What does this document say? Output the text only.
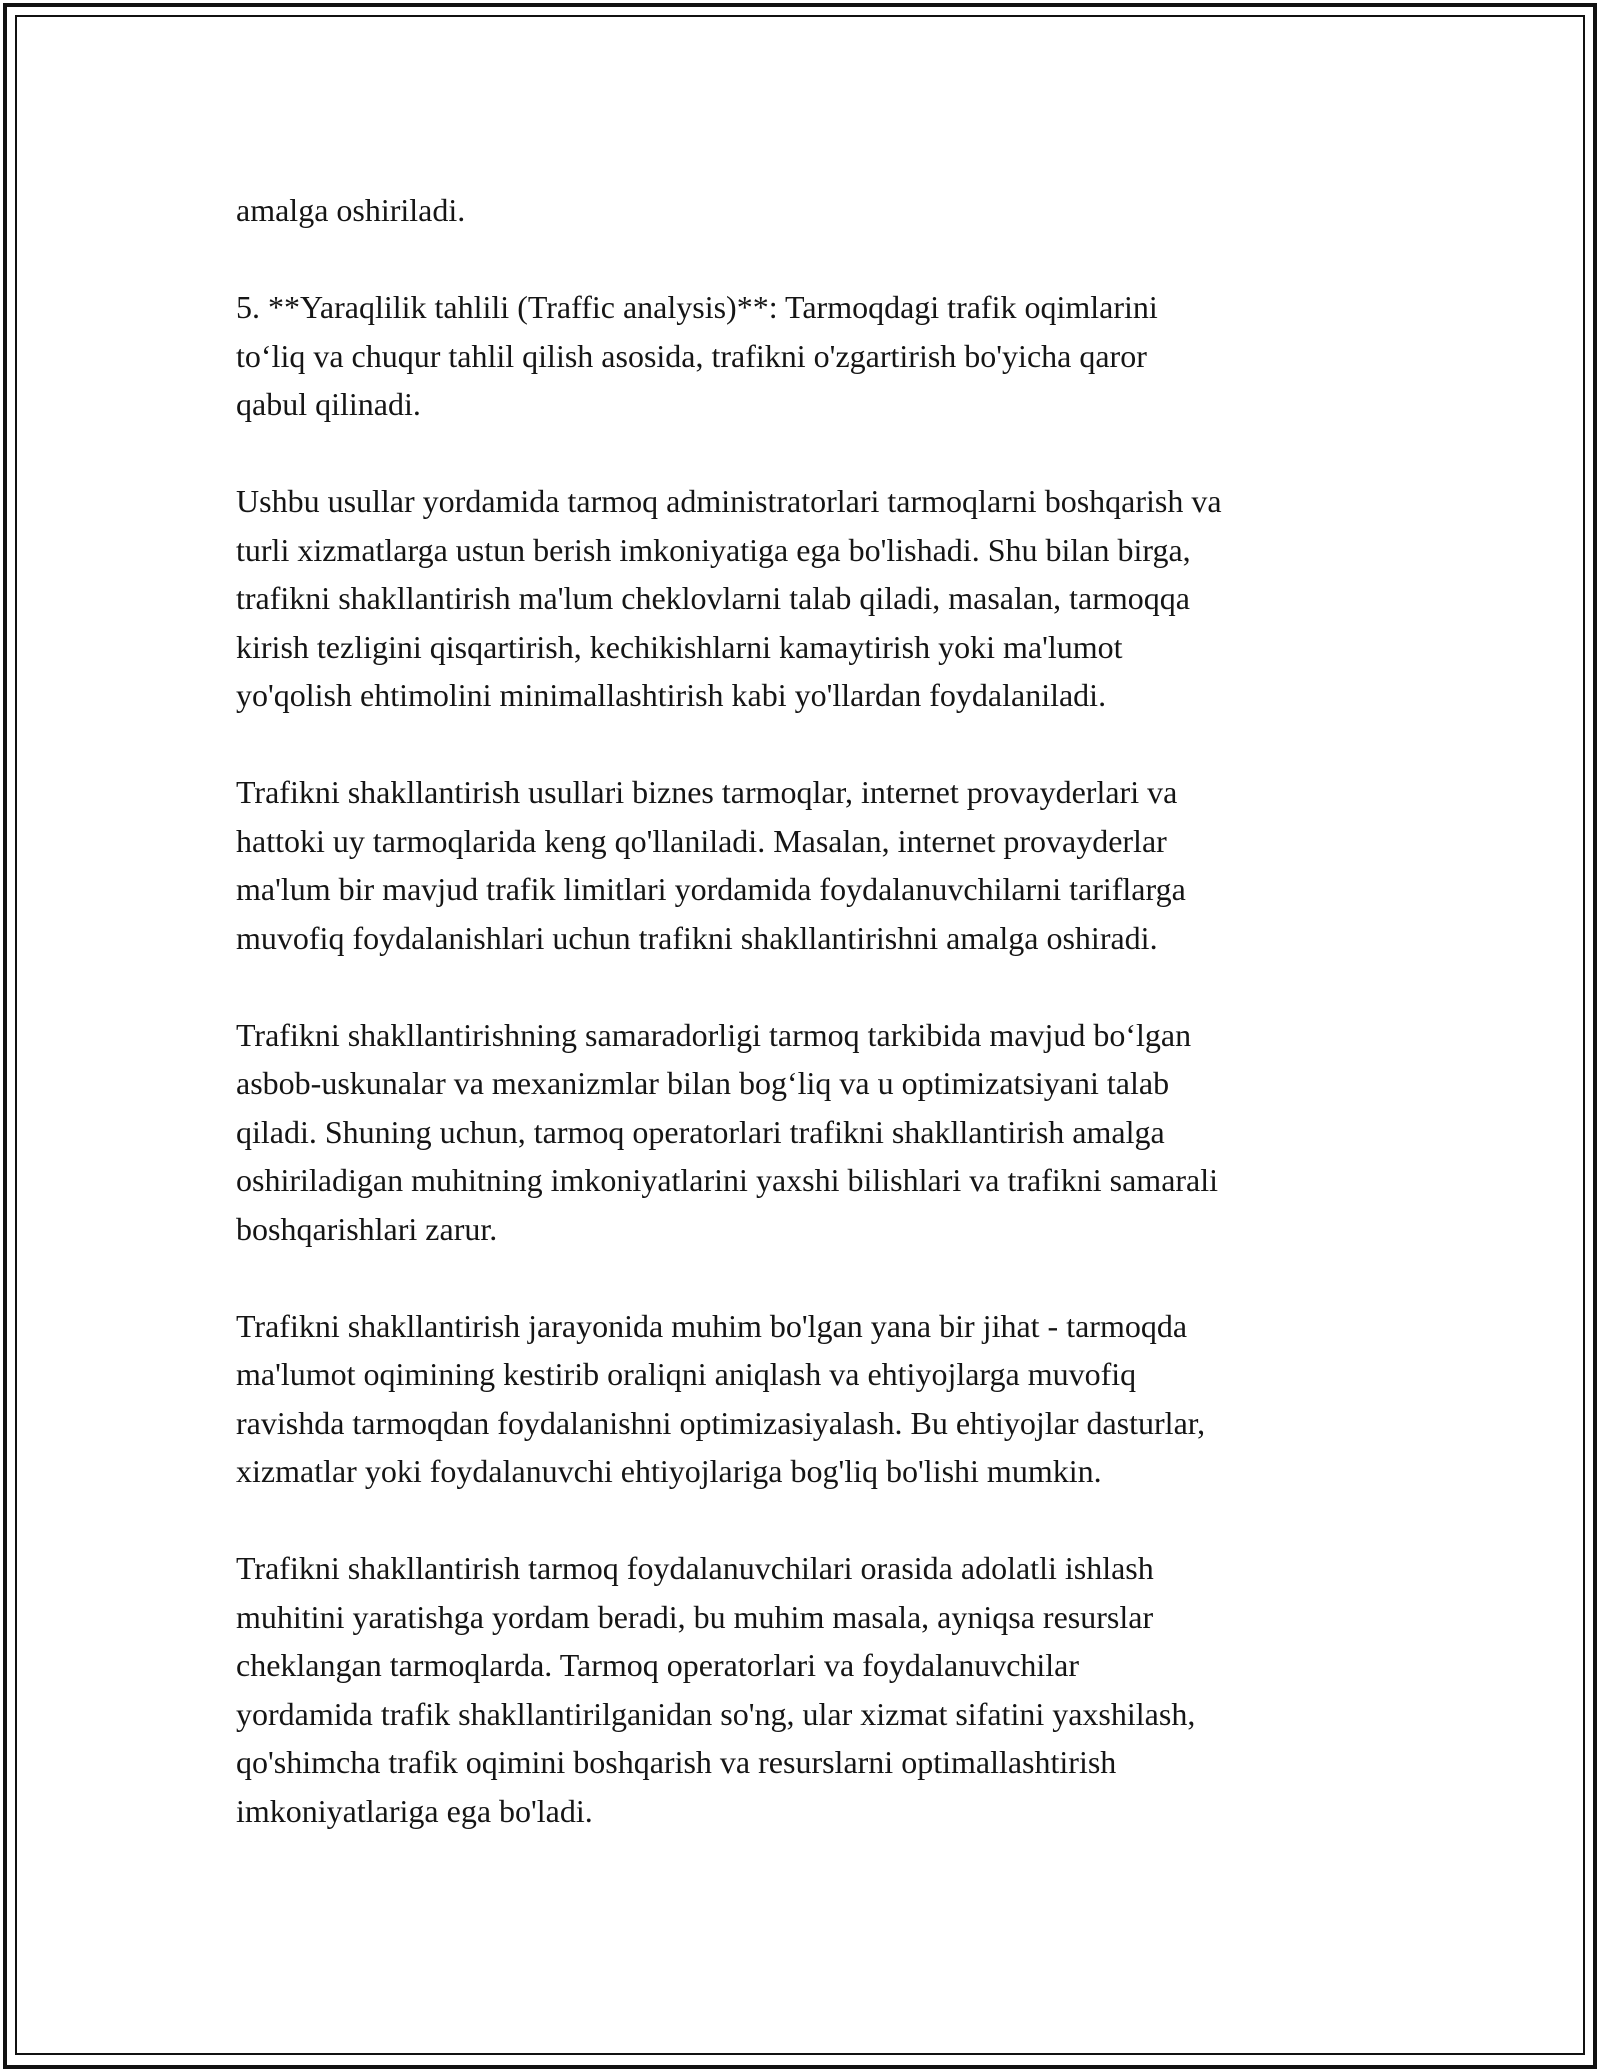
amalga oshiriladi.

5. **Yaraqlilik tahlili (Traffic analysis)**: Tarmoqdagi trafik oqimlarini
to‘liq va chuqur tahlil qilish asosida, trafikni o'zgartirish bo'yicha qaror
qabul qilinadi.

Ushbu usullar yordamida tarmoq administratorlari tarmoqlarni boshqarish va
turli xizmatlarga ustun berish imkoniyatiga ega bo'lishadi. Shu bilan birga,
trafikni shakllantirish ma'lum cheklovlarni talab qiladi, masalan, tarmoqqa
kirish tezligini qisqartirish, kechikishlarni kamaytirish yoki ma'lumot
yo'qolish ehtimolini minimallashtirish kabi yo'llardan foydalaniladi.

Trafikni shakllantirish usullari biznes tarmoqlar, internet provayderlari va
hattoki uy tarmoqlarida keng qo'llaniladi. Masalan, internet provayderlar
ma'lum bir mavjud trafik limitlari yordamida foydalanuvchilarni tariflarga
muvofiq foydalanishlari uchun trafikni shakllantirishni amalga oshiradi.

Trafikni shakllantirishning samaradorligi tarmoq tarkibida mavjud bo‘lgan
asbob-uskunalar va mexanizmlar bilan bog‘liq va u optimizatsiyani talab
qiladi. Shuning uchun, tarmoq operatorlari trafikni shakllantirish amalga
oshiriladigan muhitning imkoniyatlarini yaxshi bilishlari va trafikni samarali
boshqarishlari zarur.

Trafikni shakllantirish jarayonida muhim bo'lgan yana bir jihat - tarmoqda
ma'lumot oqimining kestirib oraliqni aniqlash va ehtiyojlarga muvofiq
ravishda tarmoqdan foydalanishni optimizasiyalash. Bu ehtiyojlar dasturlar,
xizmatlar yoki foydalanuvchi ehtiyojlariga bog'liq bo'lishi mumkin.

Trafikni shakllantirish tarmoq foydalanuvchilari orasida adolatli ishlash
muhitini yaratishga yordam beradi, bu muhim masala, ayniqsa resurslar
cheklangan tarmoqlarda. Tarmoq operatorlari va foydalanuvchilar
yordamida trafik shakllantirilganidan so'ng, ular xizmat sifatini yaxshilash,
qo'shimcha trafik oqimini boshqarish va resurslarni optimallashtirish
imkoniyatlariga ega bo'ladi.
